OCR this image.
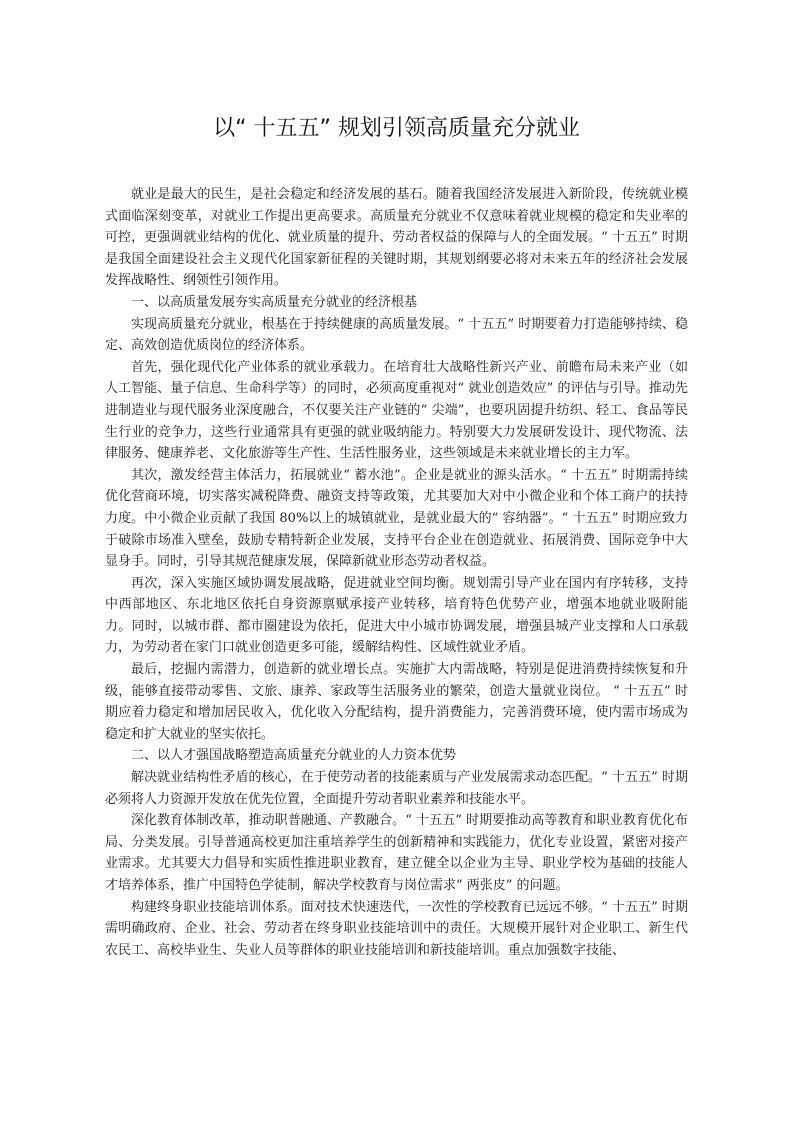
以“ 十五五” 规划引领高质量充分就业

就业是最大的民生，是社会稳定和经济发展的基石。随着我国经济发展进入新阶段，传统就业模式面临深刻变革，对就业工作提出更高要求。高质量充分就业不仅意味着就业规模的稳定和失业率的可控，更强调就业结构的优化、就业质量的提升、劳动者权益的保障与人的全面发展。“ 十五五” 时期是我国全面建设社会主义现代化国家新征程的关键时期，其规划纲要必将对未来五年的经济社会发展发挥战略性、纲领性引领作用。

一、以高质量发展夯实高质量充分就业的经济根基

实现高质量充分就业，根基在于持续健康的高质量发展。“ 十五五” 时期要着力打造能够持续、稳定、高效创造优质岗位的经济体系。

首先，强化现代化产业体系的就业承载力。在培育壮大战略性新兴产业、前瞻布局未来产业（如人工智能、量子信息、生命科学等）的同时，必须高度重视对“ 就业创造效应” 的评估与引导。推动先进制造业与现代服务业深度融合，不仅要关注产业链的“ 尖端”，也要巩固提升纺织、轻工、食品等民生行业的竞争力，这些行业通常具有更强的就业吸纳能力。特别要大力发展研发设计、现代物流、法律服务、健康养老、文化旅游等生产性、生活性服务业，这些领域是未来就业增长的主力军。

其次，激发经营主体活力，拓展就业“ 蓄水池”。企业是就业的源头活水。“ 十五五” 时期需持续优化营商环境，切实落实减税降费、融资支持等政策，尤其要加大对中小微企业和个体工商户的扶持力度。中小微企业贡献了我国 80%以上的城镇就业，是就业最大的“ 容纳器”。“ 十五五” 时期应致力于破除市场准入壁垒，鼓励专精特新企业发展，支持平台企业在创造就业、拓展消费、国际竞争中大显身手。同时，引导其规范健康发展，保障新就业形态劳动者权益。

再次，深入实施区域协调发展战略，促进就业空间均衡。规划需引导产业在国内有序转移，支持中西部地区、东北地区依托自身资源禀赋承接产业转移，培育特色优势产业，增强本地就业吸附能力。同时，以城市群、都市圈建设为依托，促进大中小城市协调发展，增强县城产业支撑和人口承载力，为劳动者在家门口就业创造更多可能，缓解结构性、区域性就业矛盾。

最后，挖掘内需潜力，创造新的就业增长点。实施扩大内需战略，特别是促进消费持续恢复和升级，能够直接带动零售、文旅、康养、家政等生活服务业的繁荣，创造大量就业岗位。 “ 十五五” 时期应着力稳定和增加居民收入，优化收入分配结构，提升消费能力，完善消费环境，使内需市场成为稳定和扩大就业的坚实依托。

二、以人才强国战略塑造高质量充分就业的人力资本优势

解决就业结构性矛盾的核心，在于使劳动者的技能素质与产业发展需求动态匹配。“ 十五五” 时期必须将人力资源开发放在优先位置，全面提升劳动者职业素养和技能水平。

深化教育体制改革，推动职普融通、产教融合。“ 十五五” 时期要推动高等教育和职业教育优化布局、分类发展。引导普通高校更加注重培养学生的创新精神和实践能力，优化专业设置，紧密对接产业需求。尤其要大力倡导和实质性推进职业教育，建立健全以企业为主导、职业学校为基础的技能人才培养体系，推广中国特色学徒制，解决学校教育与岗位需求“ 两张皮” 的问题。

构建终身职业技能培训体系。面对技术快速迭代，一次性的学校教育已远远不够。“ 十五五” 时期需明确政府、企业、社会、劳动者在终身职业技能培训中的责任。大规模开展针对企业职工、新生代农民工、高校毕业生、失业人员等群体的职业技能培训和新技能培训。重点加强数字技能、
